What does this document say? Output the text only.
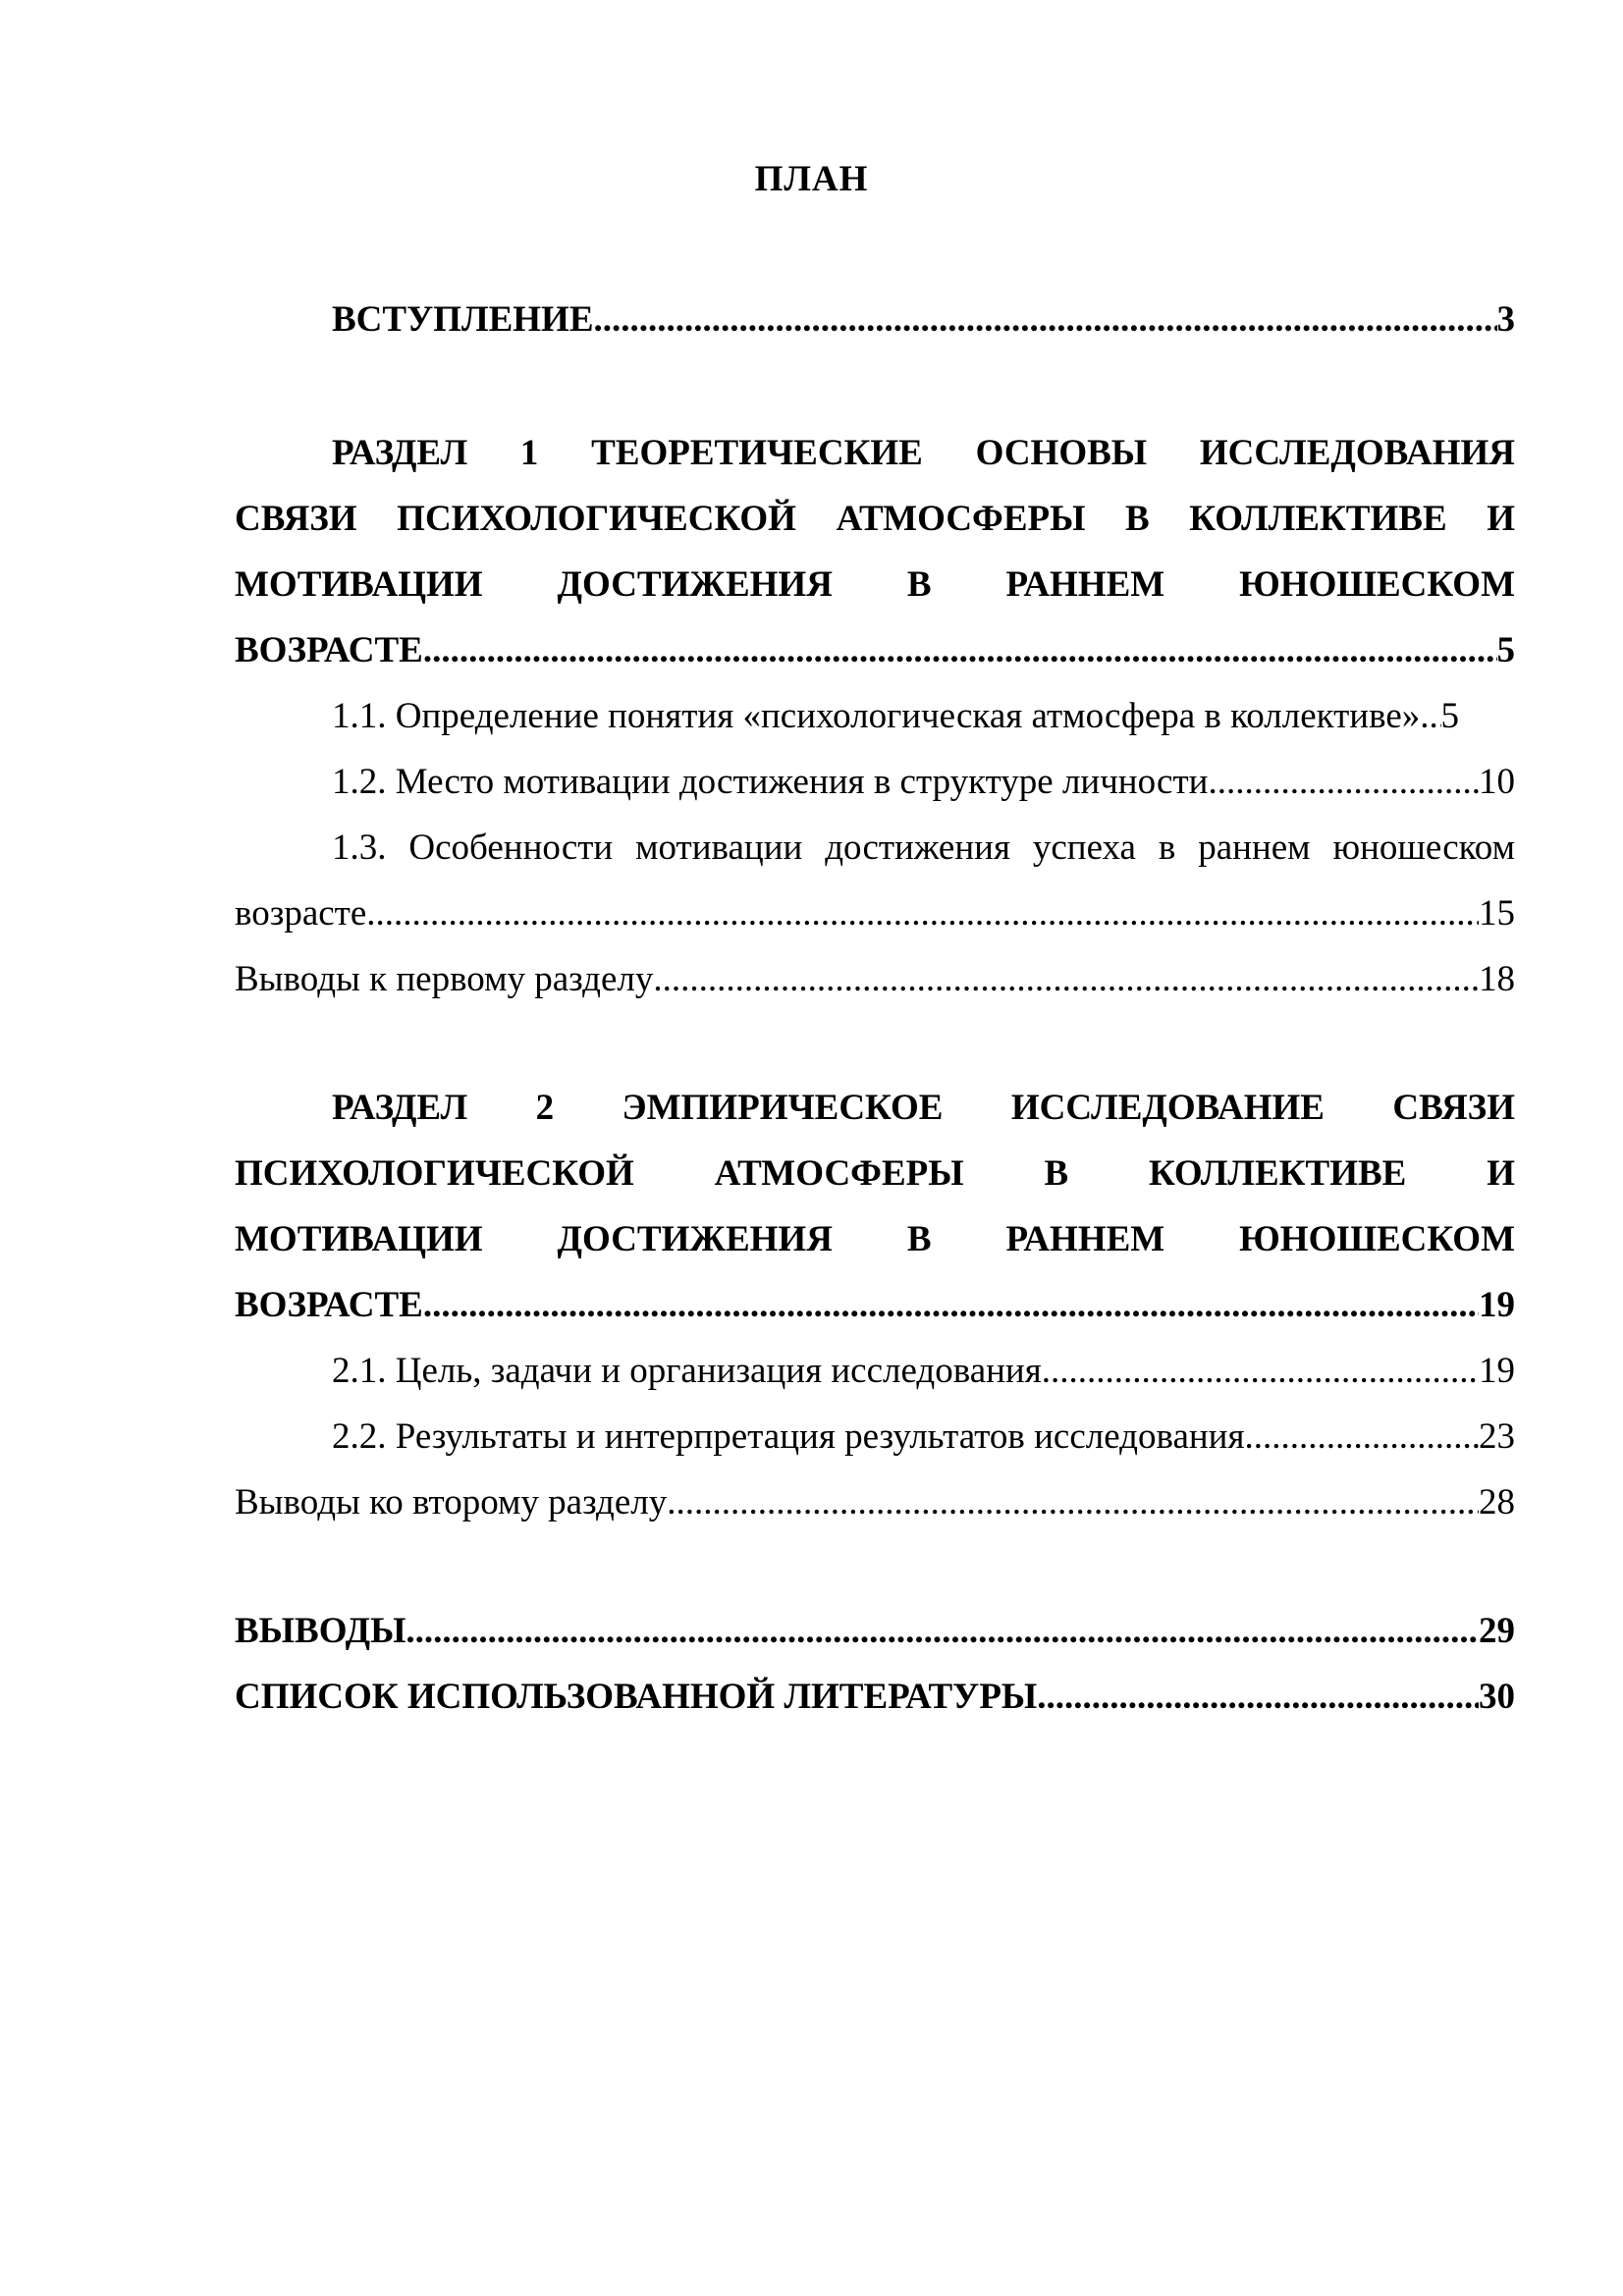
ПЛАН
ВСТУПЛЕНИЕ .....	3
РАЗДЕЛ 1 ТЕОРЕТИЧЕСКИЕ ОСНОВЫ ИССЛЕДОВАНИЯ
СВЯЗИ ПСИХОЛОГИЧЕСКОЙ АТМОСФЕРЫ В КОЛЛЕКТИВЕ И
МОТИВАЦИИ ДОСТИЖЕНИЯ В РАННЕМ ЮНОШЕСКОМ
ВОЗРАСТЕ .....	5
1.1. Определение понятия «психологическая атмосфера в коллективе». ..... 5
1.2. Место мотивации достижения в структуре личности .....	10
1.3. Особенности мотивации достижения успеха в раннем юношеском
возрасте .....	15
Выводы к первому разделу .....	18
РАЗДЕЛ 2 ЭМПИРИЧЕСКОЕ ИССЛЕДОВАНИЕ СВЯЗИ
ПСИХОЛОГИЧЕСКОЙ АТМОСФЕРЫ В КОЛЛЕКТИВЕ И
МОТИВАЦИИ ДОСТИЖЕНИЯ В РАННЕМ ЮНОШЕСКОМ
ВОЗРАСТЕ .....	19
2.1. Цель, задачи и организация исследования .....	19
2.2. Результаты и интерпретация результатов исследования .....	23
Выводы ко второму разделу .....	28
ВЫВОДЫ .....	29
СПИСОК ИСПОЛЬЗОВАННОЙ ЛИТЕРАТУРЫ .....	30
